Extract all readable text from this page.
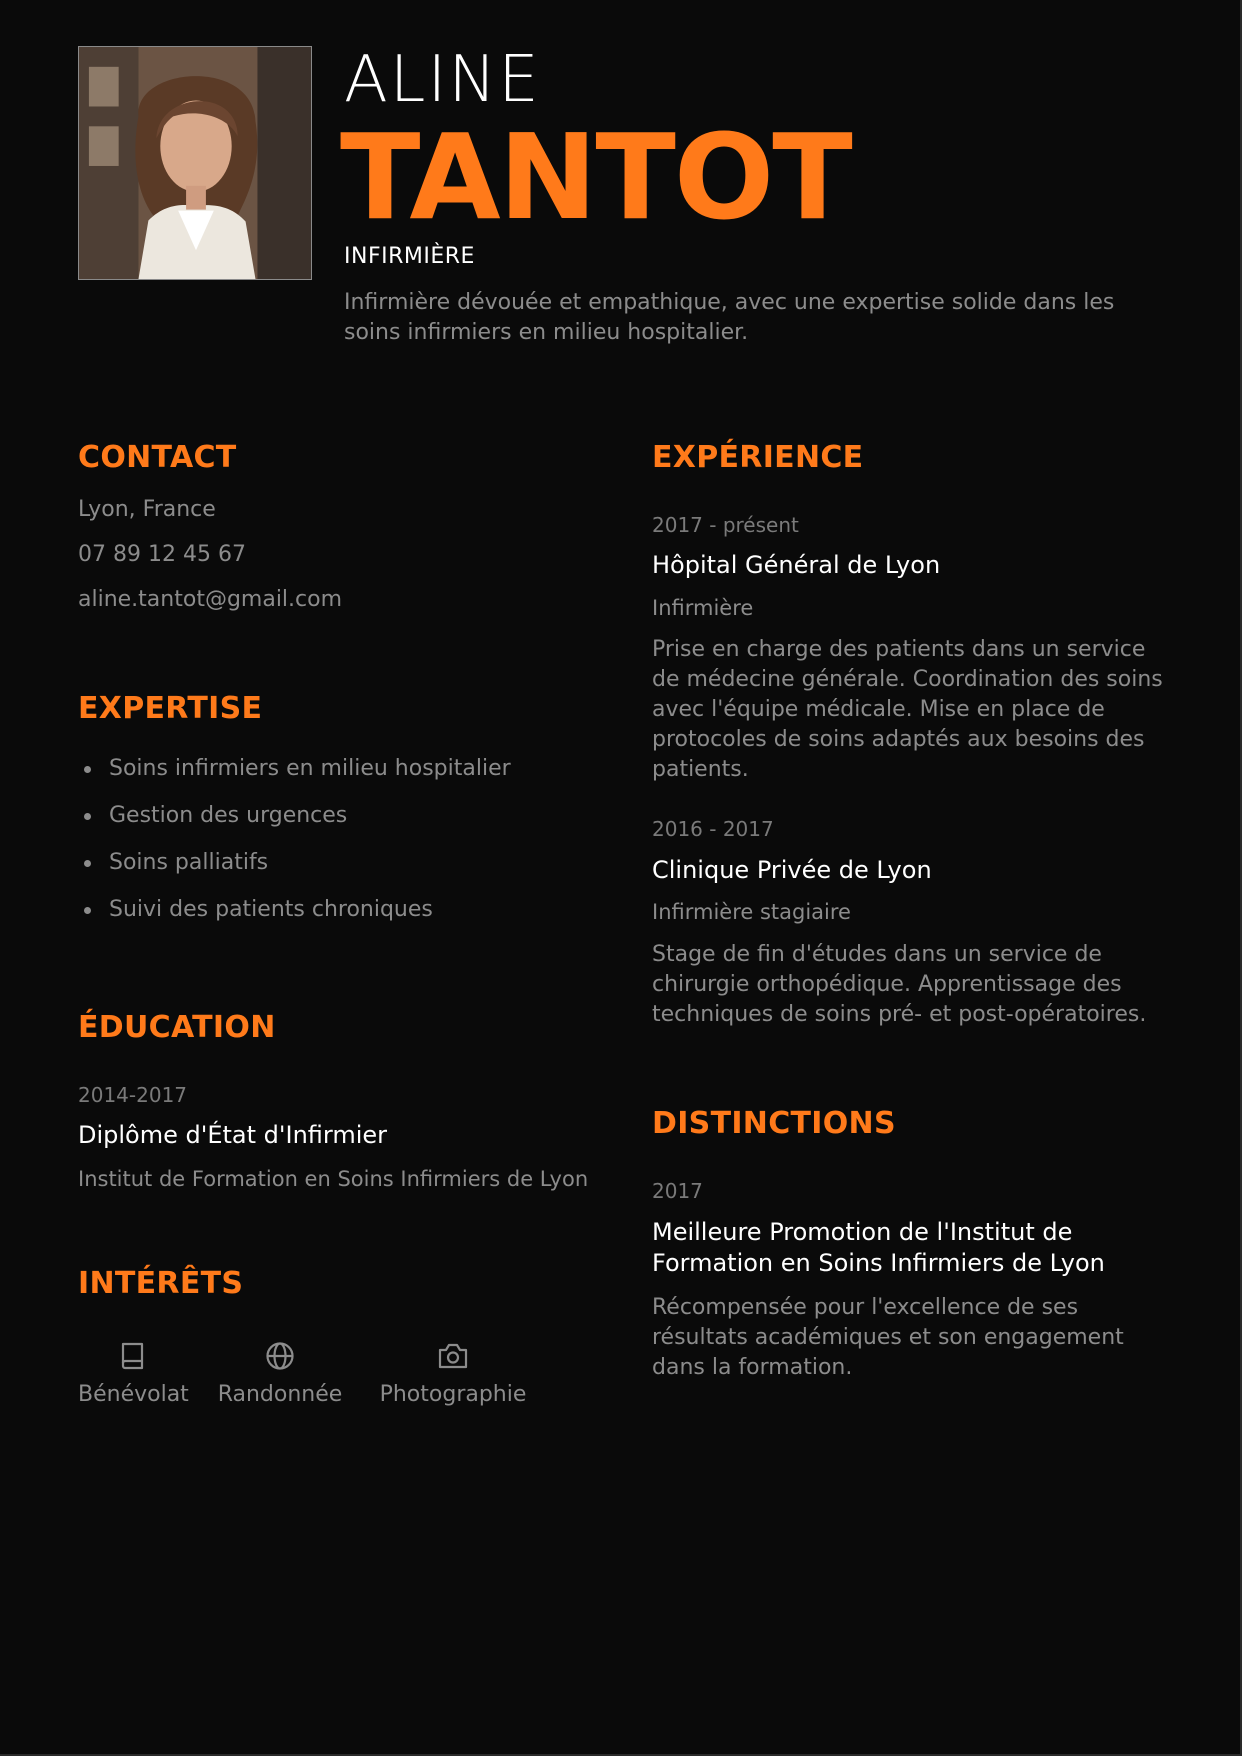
ALINE
TANTOT
INFIRMIÈRE
Infirmière dévouée et empathique, avec une expertise solide dans les soins infirmiers en milieu hospitalier.
CONTACT
Lyon, France
07 89 12 45 67
aline.tantot@gmail.com
EXPERTISE
Soins infirmiers en milieu hospitalier
Gestion des urgences
Soins palliatifs
Suivi des patients chroniques
ÉDUCATION
2014-2017
Diplôme d'État d'Infirmier
Institut de Formation en Soins Infirmiers de Lyon
INTÉRÊTS
Bénévolat Randonnée Photographie
EXPÉRIENCE
2017 - présent
Hôpital Général de Lyon
Infirmière
Prise en charge des patients dans un service de médecine générale. Coordination des soins avec l'équipe médicale. Mise en place de protocoles de soins adaptés aux besoins des patients.
2016 - 2017
Clinique Privée de Lyon
Infirmière stagiaire
Stage de fin d'études dans un service de chirurgie orthopédique. Apprentissage des techniques de soins pré- et post-opératoires.
DISTINCTIONS
2017
Meilleure Promotion de l'Institut de Formation en Soins Infirmiers de Lyon
Récompensée pour l'excellence de ses résultats académiques et son engagement dans la formation.
